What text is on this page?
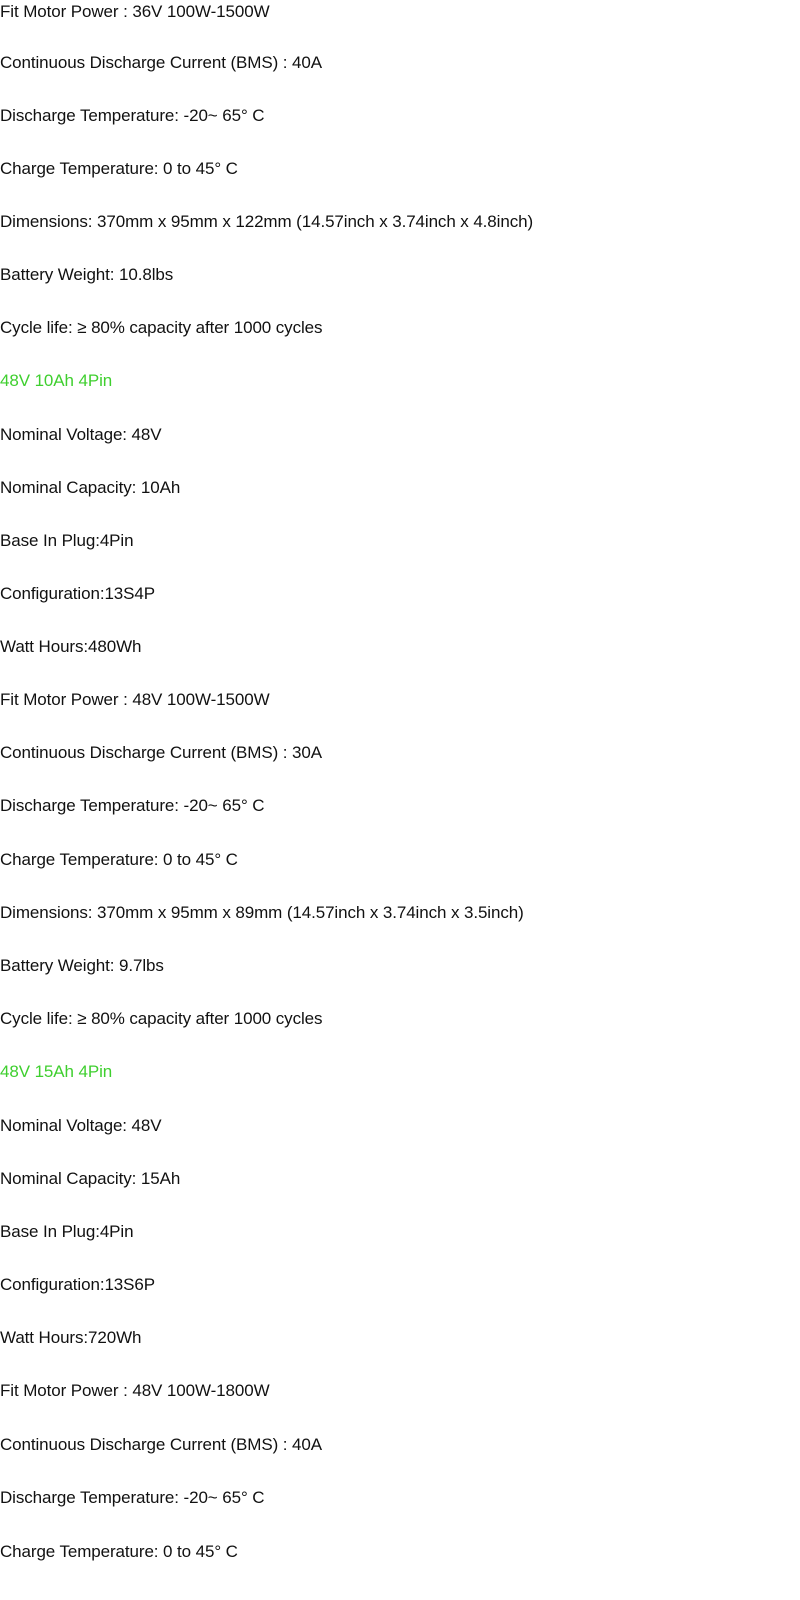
Fit Motor Power : 36V 100W-1500W
Continuous Discharge Current (BMS) : 40A
Discharge Temperature: -20~ 65° C
Charge Temperature: 0 to 45° C
Dimensions: 370mm x 95mm x 122mm (14.57inch x 3.74inch x 4.8inch)
Battery Weight: 10.8lbs
Cycle life: ≥ 80% capacity after 1000 cycles
48V 10Ah 4Pin
Nominal Voltage: 48V
Nominal Capacity: 10Ah
Base In Plug:4Pin
Configuration:13S4P
Watt Hours:480Wh
Fit Motor Power : 48V 100W-1500W
Continuous Discharge Current (BMS) : 30A
Discharge Temperature: -20~ 65° C
Charge Temperature: 0 to 45° C
Dimensions: 370mm x 95mm x 89mm (14.57inch x 3.74inch x 3.5inch)
Battery Weight: 9.7lbs
Cycle life: ≥ 80% capacity after 1000 cycles
48V 15Ah 4Pin
Nominal Voltage: 48V
Nominal Capacity: 15Ah
Base In Plug:4Pin
Configuration:13S6P
Watt Hours:720Wh
Fit Motor Power : 48V 100W-1800W
Continuous Discharge Current (BMS) : 40A
Discharge Temperature: -20~ 65° C
Charge Temperature: 0 to 45° C
